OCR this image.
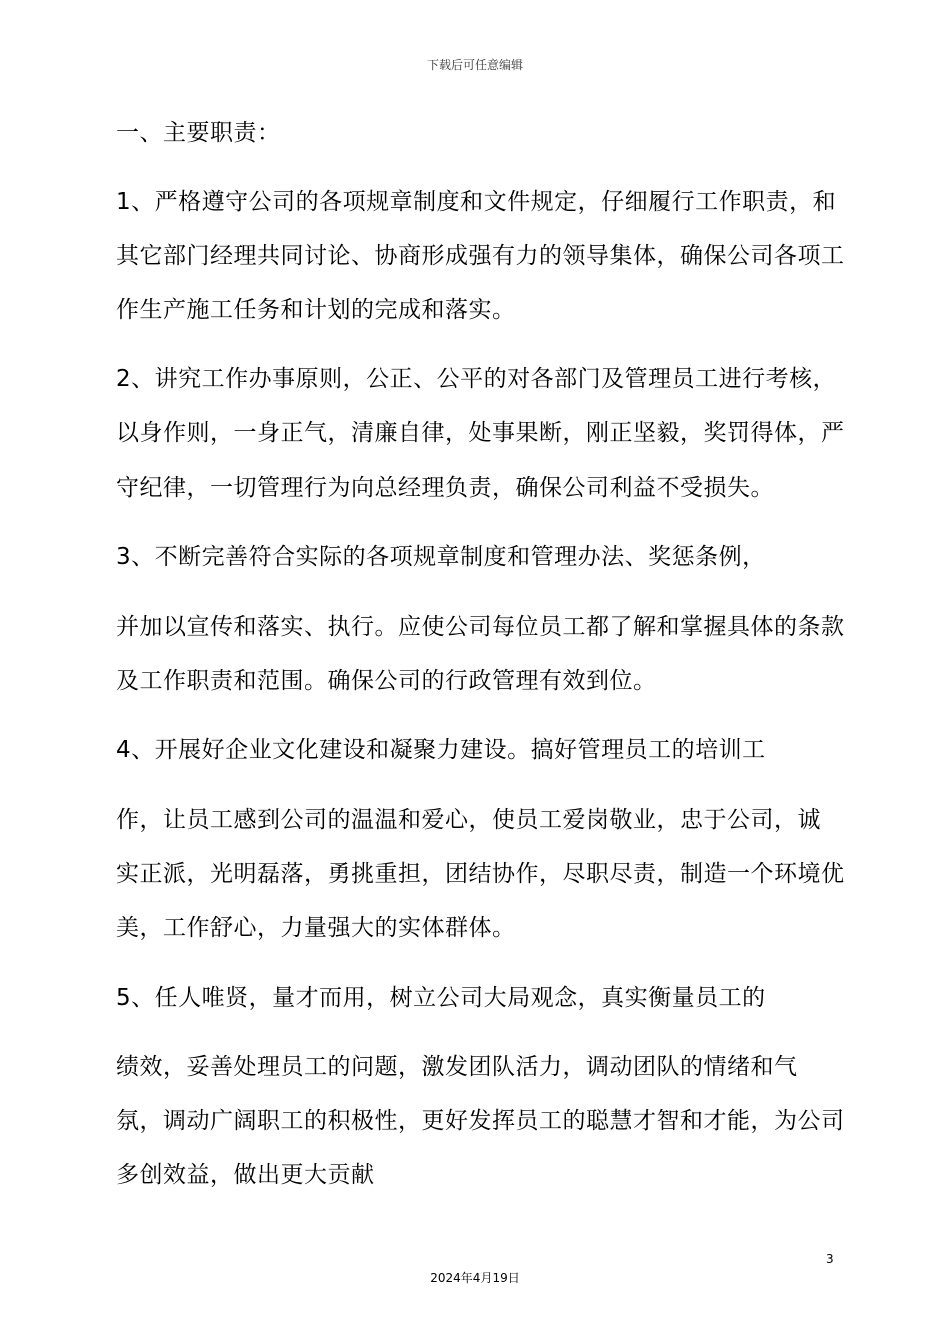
下载后可任意编辑

一、主要职责：

1、严格遵守公司的各项规章制度和文件规定，仔细履行工作职责，和

其它部门经理共同讨论、协商形成强有力的领导集体，确保公司各项工

作生产施工任务和计划的完成和落实。

2、讲究工作办事原则，公正、公平的对各部门及管理员工进行考核，

以身作则，一身正气，清廉自律，处事果断，刚正坚毅，奖罚得体，严

守纪律，一切管理行为向总经理负责，确保公司利益不受损失。

3、不断完善符合实际的各项规章制度和管理办法、奖惩条例，

并加以宣传和落实、执行。应使公司每位员工都了解和掌握具体的条款

及工作职责和范围。确保公司的行政管理有效到位。

4、开展好企业文化建设和凝聚力建设。搞好管理员工的培训工

作，让员工感到公司的温温和爱心，使员工爱岗敬业，忠于公司，诚

实正派，光明磊落，勇挑重担，团结协作，尽职尽责，制造一个环境优

美，工作舒心，力量强大的实体群体。

5、任人唯贤，量才而用，树立公司大局观念，真实衡量员工的

绩效，妥善处理员工的问题，激发团队活力，调动团队的情绪和气

氛，调动广阔职工的积极性，更好发挥员工的聪慧才智和才能，为公司

多创效益，做出更大贡献

3
2024年4月19日
